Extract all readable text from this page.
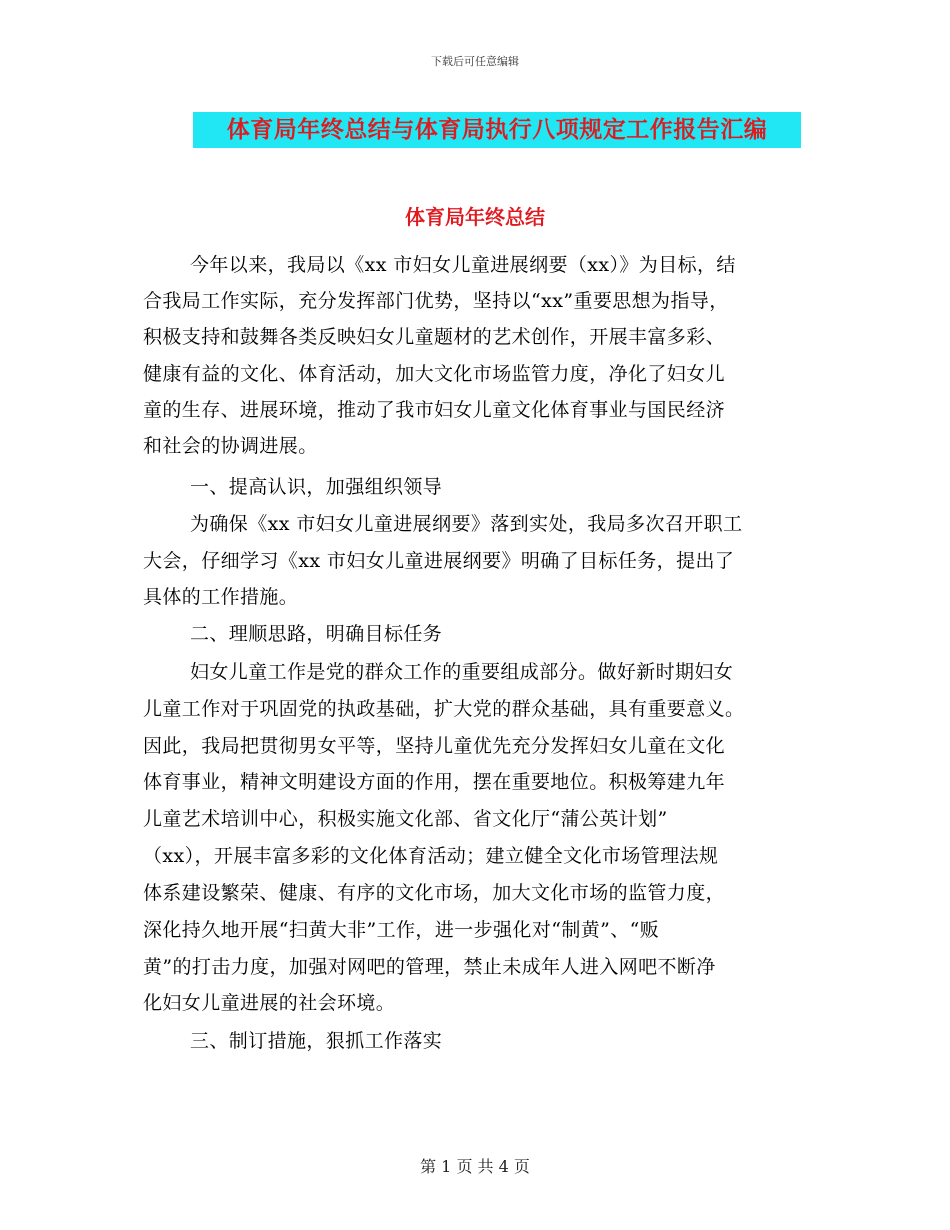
下载后可任意编辑
体育局年终总结与体育局执行八项规定工作报告汇编
体育局年终总结
今年以来，我局以《xx 市妇女儿童进展纲要（xx）》为目标，结
合我局工作实际，充分发挥部门优势，坚持以“xx”重要思想为指导，
积极支持和鼓舞各类反映妇女儿童题材的艺术创作，开展丰富多彩、
健康有益的文化、体育活动，加大文化市场监管力度，净化了妇女儿
童的生存、进展环境，推动了我市妇女儿童文化体育事业与国民经济
和社会的协调进展。
一、提高认识，加强组织领导
为确保《xx 市妇女儿童进展纲要》落到实处，我局多次召开职工
大会，仔细学习《xx 市妇女儿童进展纲要》明确了目标任务，提出了
具体的工作措施。
二、理顺思路，明确目标任务
妇女儿童工作是党的群众工作的重要组成部分。做好新时期妇女
儿童工作对于巩固党的执政基础，扩大党的群众基础，具有重要意义。
因此，我局把贯彻男女平等，坚持儿童优先充分发挥妇女儿童在文化
体育事业，精神文明建设方面的作用，摆在重要地位。积极筹建九年
儿童艺术培训中心，积极实施文化部、省文化厅“蒲公英计划”
（xx），开展丰富多彩的文化体育活动；建立健全文化市场管理法规
体系建设繁荣、健康、有序的文化市场，加大文化市场的监管力度，
深化持久地开展“扫黄大非”工作，进一步强化对“制黄”、“贩
黄”的打击力度，加强对网吧的管理，禁止未成年人进入网吧不断净
化妇女儿童进展的社会环境。
三、制订措施，狠抓工作落实
第 1 页 共 4 页
